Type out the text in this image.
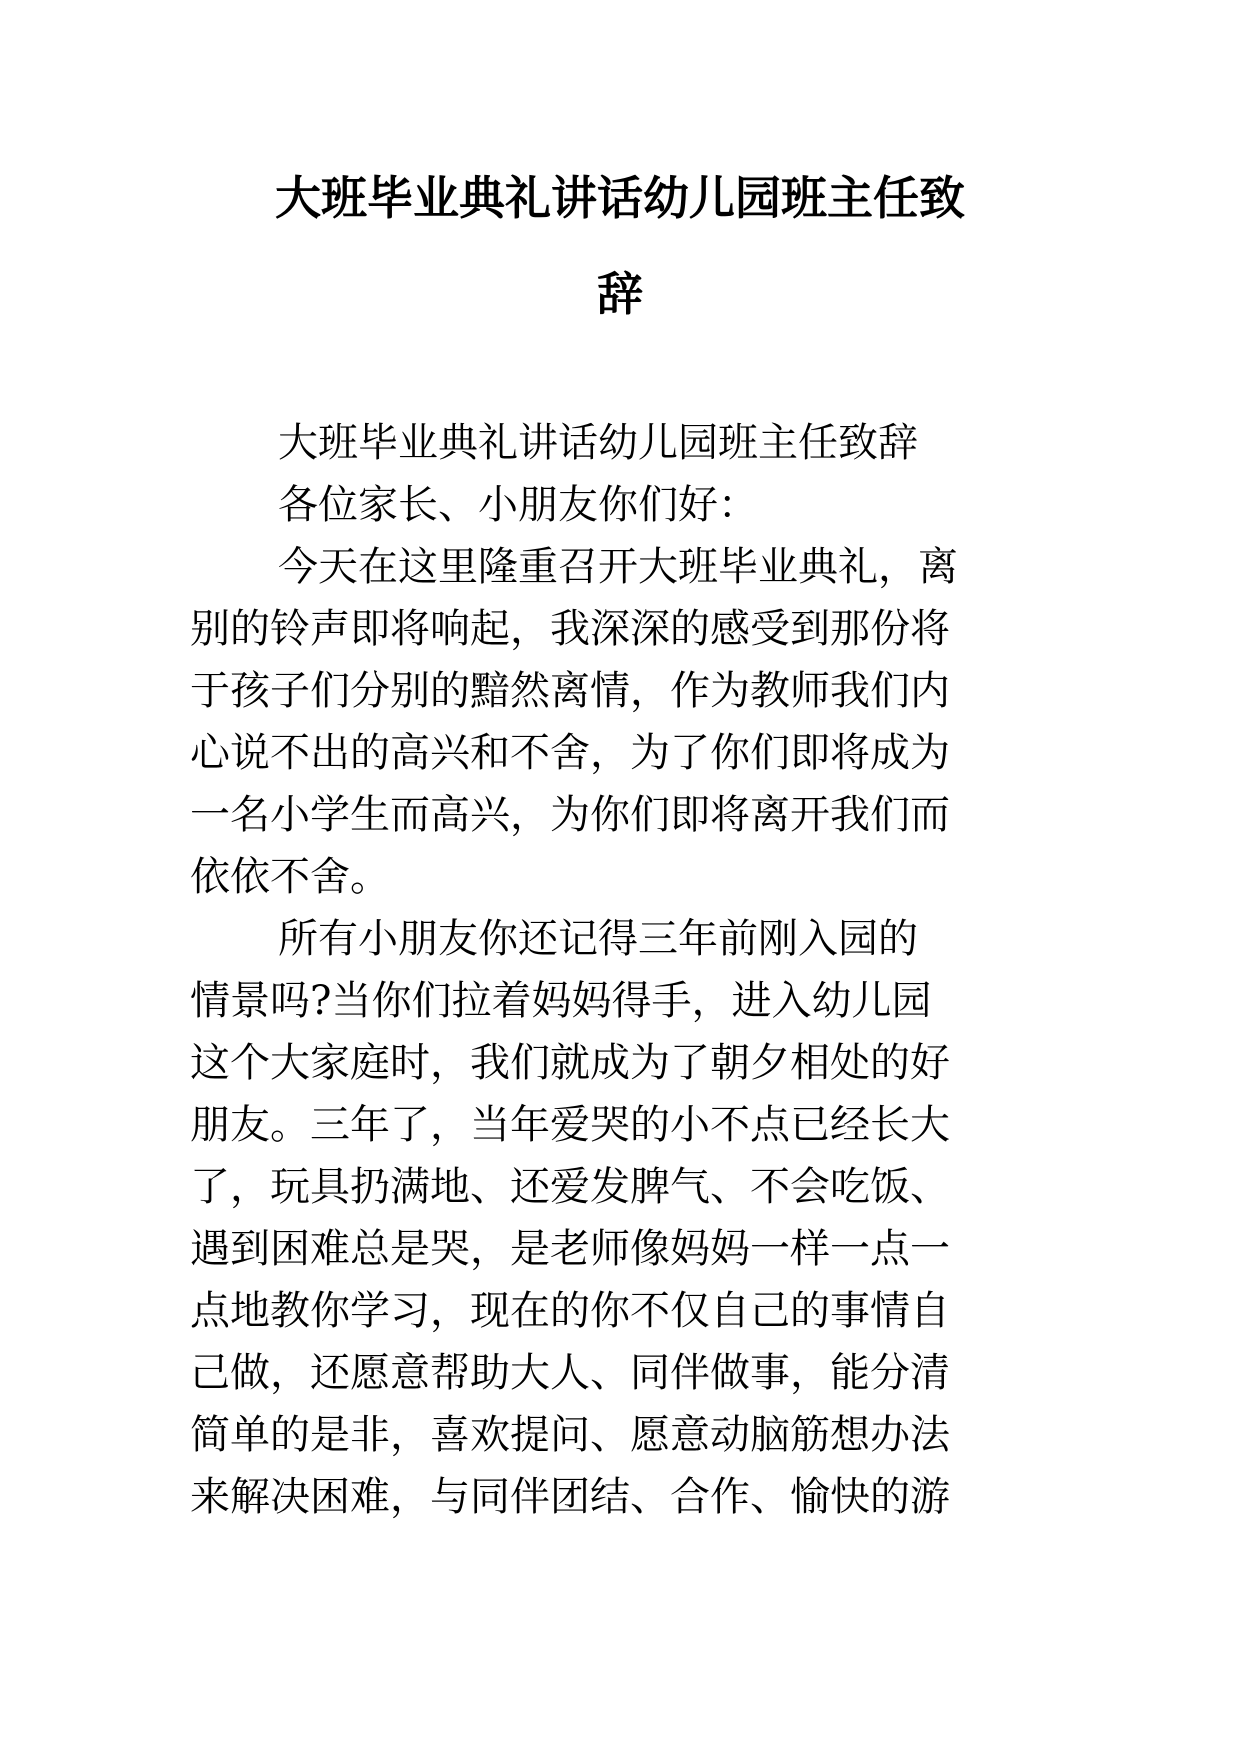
大班毕业典礼讲话幼儿园班主任致
辞
大班毕业典礼讲话幼儿园班主任致辞
各位家长、小朋友你们好：
今天在这里隆重召开大班毕业典礼，离
别的铃声即将响起，我深深的感受到那份将
于孩子们分别的黯然离情，作为教师我们内
心说不出的高兴和不舍，为了你们即将成为
一名小学生而高兴，为你们即将离开我们而
依依不舍。
所有小朋友你还记得三年前刚入园的
情景吗?当你们拉着妈妈得手，进入幼儿园
这个大家庭时，我们就成为了朝夕相处的好
朋友。三年了，当年爱哭的小不点已经长大
了，玩具扔满地、还爱发脾气、不会吃饭、
遇到困难总是哭，是老师像妈妈一样一点一
点地教你学习，现在的你不仅自己的事情自
己做，还愿意帮助大人、同伴做事，能分清
简单的是非，喜欢提问、愿意动脑筋想办法
来解决困难，与同伴团结、合作、愉快的游
